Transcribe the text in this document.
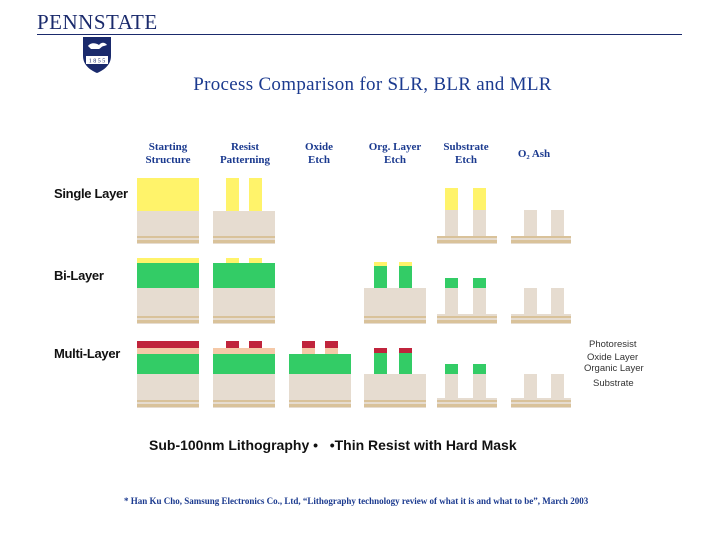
PENNSTATE
1 8 5 5
Process Comparison for SLR, BLR and MLR
Starting
Structure
Resist
Patterning
Oxide
Etch
Org. Layer
Etch
Substrate
Etch	O₂ Ash
Single Layer
Bi-Layer
Multi-Layer
Photoresist
Oxide Layer
Organic Layer
Substrate
Sub-100nm Lithography •   •Thin Resist with Hard Mask
* Han Ku Cho, Samsung Electronics Co., Ltd, “Lithography technology review of what it is and what to be”, March 2003
